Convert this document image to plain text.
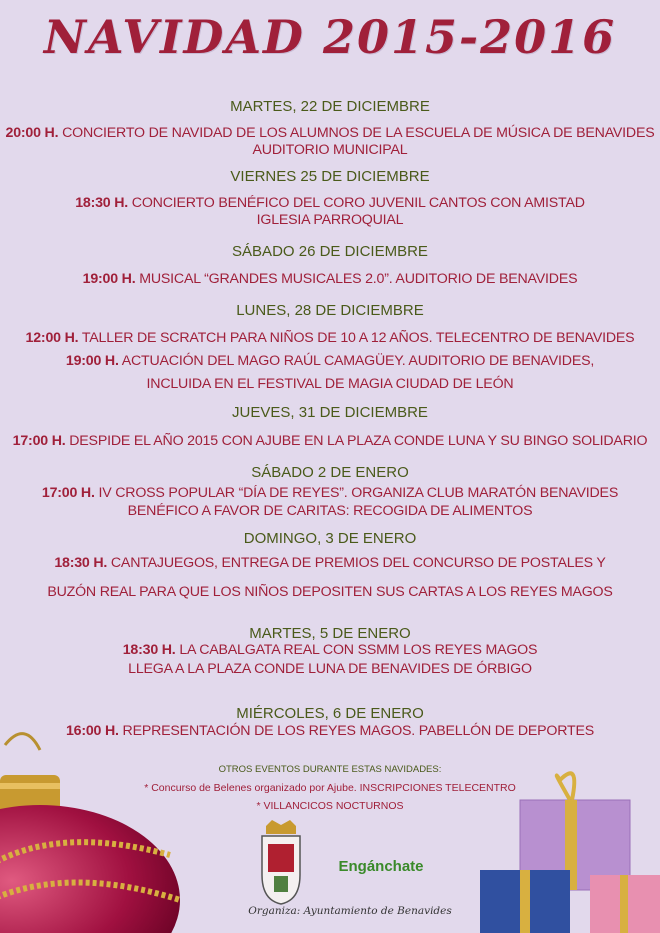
NAVIDAD 2015-2016
MARTES, 22 DE DICIEMBRE
20:00 H. CONCIERTO DE NAVIDAD DE LOS ALUMNOS DE LA ESCUELA DE MÚSICA DE BENAVIDES
AUDITORIO MUNICIPAL
VIERNES 25 DE DICIEMBRE
18:30 H. CONCIERTO BENÉFICO DEL CORO JUVENIL CANTOS CON AMISTAD
IGLESIA PARROQUIAL
SÁBADO 26 DE DICIEMBRE
19:00 H. MUSICAL “GRANDES MUSICALES 2.0”. AUDITORIO DE BENAVIDES
LUNES, 28 DE DICIEMBRE
12:00 H. TALLER DE SCRATCH PARA NIÑOS DE 10 A 12 AÑOS. TELECENTRO DE BENAVIDES
19:00 H. ACTUACIÓN DEL MAGO RAÚL CAMAGÜEY. AUDITORIO DE BENAVIDES,
INCLUIDA EN EL FESTIVAL DE MAGIA CIUDAD DE LEÓN
JUEVES, 31 DE DICIEMBRE
17:00 H. DESPIDE EL AÑO 2015 CON AJUBE EN LA PLAZA CONDE LUNA Y SU BINGO SOLIDARIO
SÁBADO 2 DE ENERO
17:00 H. IV CROSS POPULAR “DÍA DE REYES”. ORGANIZA CLUB MARATÓN BENAVIDES
BENÉFICO A FAVOR DE CARITAS: RECOGIDA DE ALIMENTOS
DOMINGO, 3 DE ENERO
18:30 H. CANTAJUEGOS, ENTREGA DE PREMIOS DEL CONCURSO DE POSTALES Y
BUZÓN REAL PARA QUE LOS NIÑOS DEPOSITEN SUS CARTAS A LOS REYES MAGOS
MARTES, 5 DE ENERO
18:30 H. LA CABALGATA REAL CON SSMM LOS REYES MAGOS
LLEGA A LA PLAZA CONDE LUNA DE BENAVIDES DE ÓRBIGO
MIÉRCOLES, 6 DE ENERO
16:00 H. REPRESENTACIÓN DE LOS REYES MAGOS. PABELLÓN DE DEPORTES
OTROS EVENTOS DURANTE ESTAS NAVIDADES:
* Concurso de Belenes organizado por Ajube. INSCRIPCIONES TELECENTRO
* VILLANCICOS NOCTURNOS
Engánchate
Organiza: Ayuntamiento de Benavides
